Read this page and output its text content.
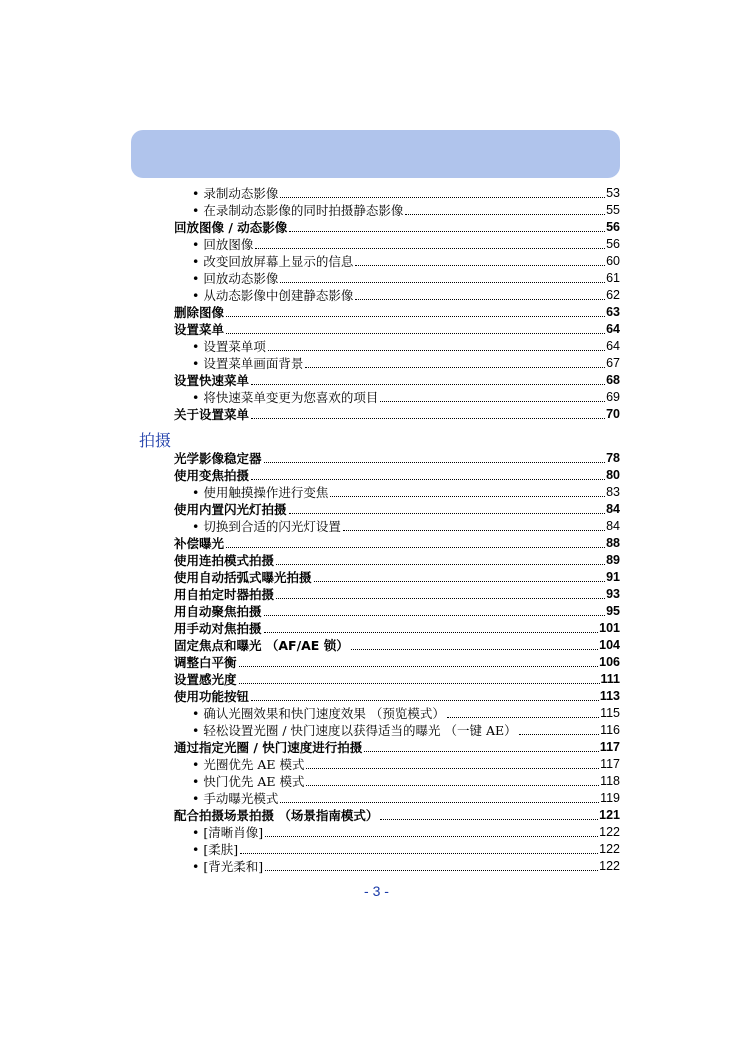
• 录制动态影像	53
• 在录制动态影像的同时拍摄静态影像	55
回放图像 / 动态影像	56
• 回放图像	56
• 改变回放屏幕上显示的信息	60
• 回放动态影像	61
• 从动态影像中创建静态影像	62
删除图像	63
设置菜单	64
• 设置菜单项	64
• 设置菜单画面背景	67
设置快速菜单	68
• 将快速菜单变更为您喜欢的项目	69
关于设置菜单	70
光学影像稳定器	78
使用变焦拍摄	80
• 使用触摸操作进行变焦	83
使用内置闪光灯拍摄	84
• 切换到合适的闪光灯设置	84
补偿曝光	88
使用连拍模式拍摄	89
使用自动括弧式曝光拍摄	91
用自拍定时器拍摄	93
用自动聚焦拍摄	95
用手动对焦拍摄	101
固定焦点和曝光 （AF/AE 锁）	104
调整白平衡	106
设置感光度	111
使用功能按钮	113
• 确认光圈效果和快门速度效果 （预览模式）	115
• 轻松设置光圈 / 快门速度以获得适当的曝光 （一键 AE）	116
通过指定光圈 / 快门速度进行拍摄	117
• 光圈优先 AE 模式	117
• 快门优先 AE 模式	118
• 手动曝光模式	119
配合拍摄场景拍摄 （场景指南模式）	121
• [清晰肖像]	122
• [柔肤]	122
• [背光柔和]	122
拍摄
- 3 -
